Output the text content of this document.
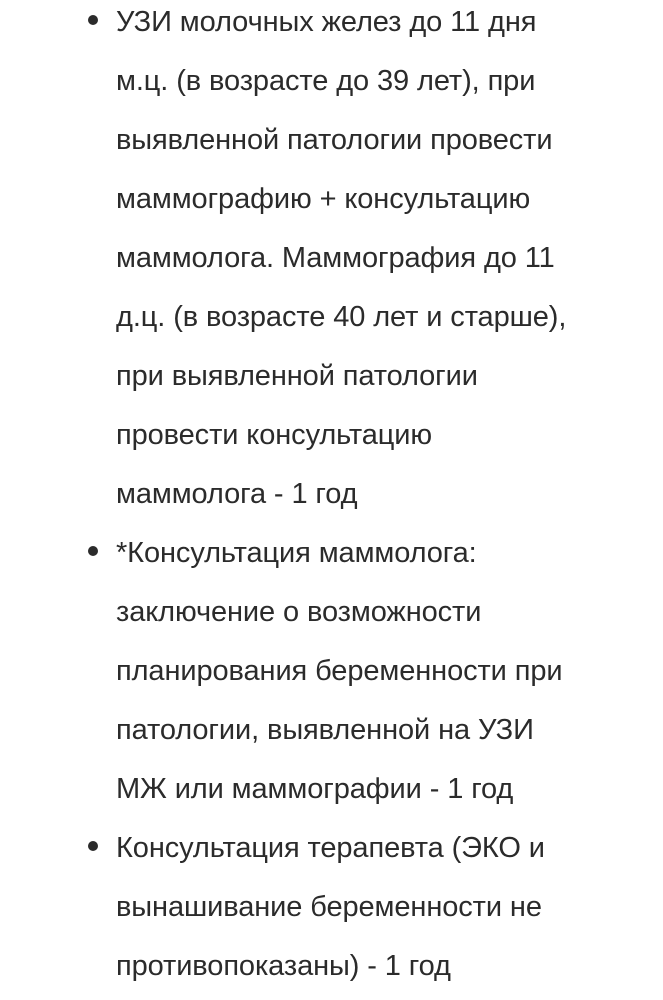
УЗИ молочных желез до 11 дня
м.ц. (в возрасте до 39 лет), при
выявленной патологии провести
маммографию + консультацию
маммолога. Маммография до 11
д.ц. (в возрасте 40 лет и старше),
при выявленной патологии
провести консультацию
маммолога - 1 год
*Консультация маммолога:
заключение о возможности
планирования беременности при
патологии, выявленной на УЗИ
МЖ или маммографии - 1 год
Консультация терапевта (ЭКО и
вынашивание беременности не
противопоказаны) - 1 год
